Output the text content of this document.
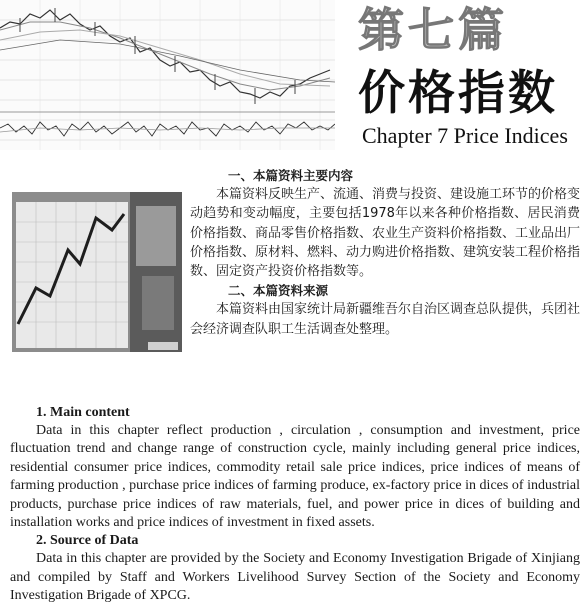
第七篇
价格指数
Chapter 7 Price Indices
一、本篇资料主要内容

本篇资料反映生产、流通、消费与投资、建设施工环节的价格变动趋势和变动幅度，主要包括1978年以来各种价格指数、居民消费价格指数、商品零售价格指数、农业生产资料价格指数、工业品出厂价格指数、原材料、燃料、动力购进价格指数、建筑安装工程价格指数、固定资产投资价格指数等。

二、本篇资料来源

本篇资料由国家统计局新疆维吾尔自治区调查总队提供，兵团社会经济调查队职工生活调查处整理。

1. Main content

Data in this chapter reflect production , circulation , consumption and investment, price fluctuation trend and change range of construction cycle, mainly including general price indices, residential consumer price indices, commodity retail sale price indices, price indices of means of farming production , purchase price indices of farming produce, ex-factory price in dices of industrial products, purchase price indices of raw materials, fuel, and power price in dices of building and installation works and price indices of investment in fixed assets.

2. Source of Data

Data in this chapter are provided by the Society and Economy Investigation Brigade of Xinjiang and compiled by Staff and Workers Livelihood Survey Section of the Society and Economy Investigation Brigade of XPCG.
